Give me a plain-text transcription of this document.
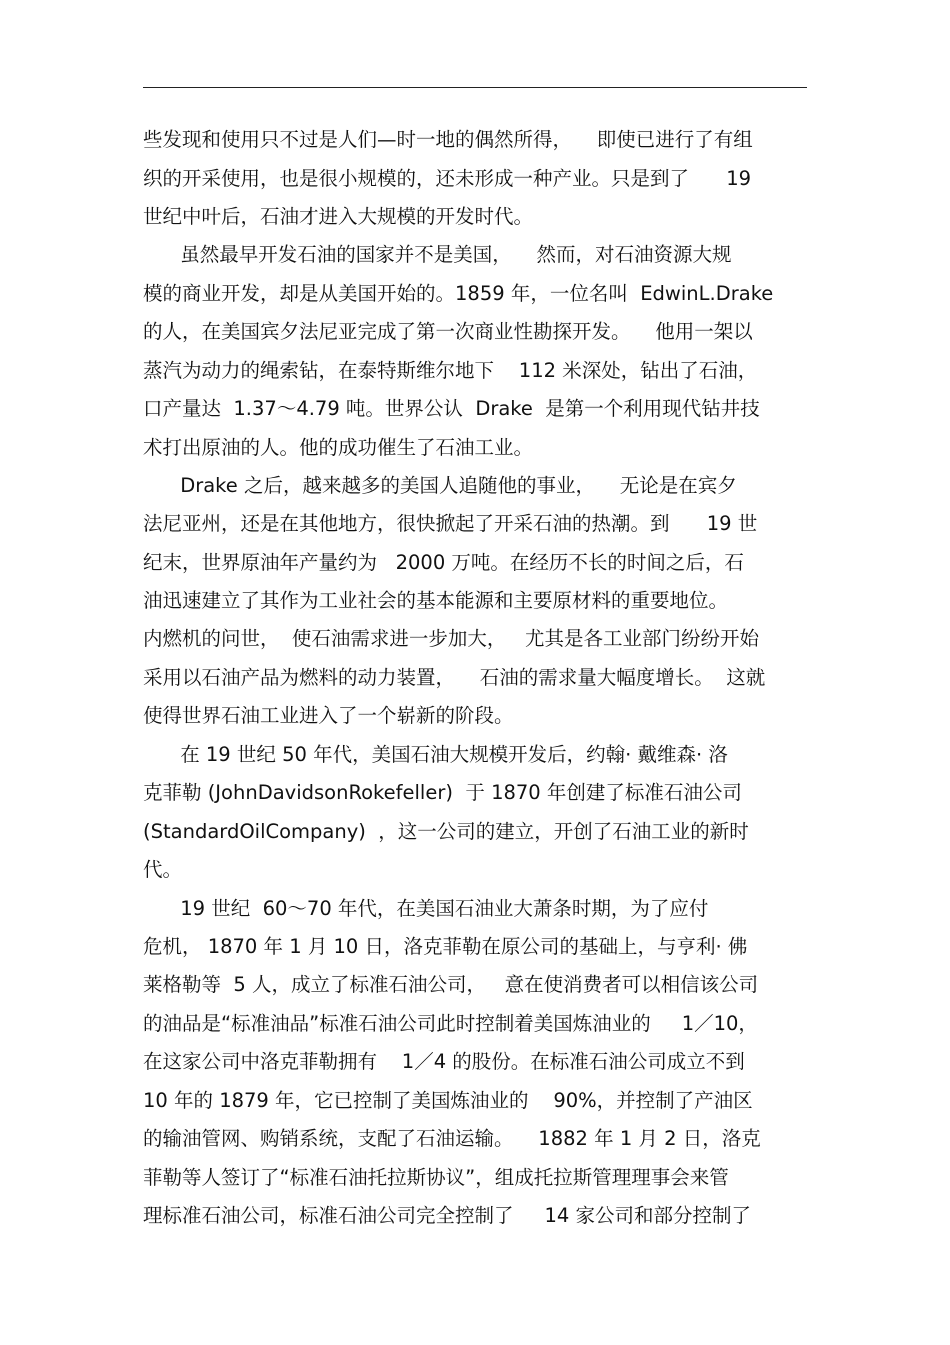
些发现和使用只不过是人们—时一地的偶然所得，    即使已进行了有组
织的开采使用，也是很小规模的，还未形成一种产业。只是到了      19
世纪中叶后，石油才进入大规模的开发时代。
虽然最早开发石油的国家并不是美国，    然而，对石油资源大规
模的商业开发，却是从美国开始的。1859 年，一位名叫  EdwinL.Drake
的人，在美国宾夕法尼亚完成了第一次商业性勘探开发。    他用一架以
蒸汽为动力的绳索钻，在泰特斯维尔地下    112 米深处，钻出了石油，
口产量达  1.37～4.79 吨。世界公认  Drake  是第一个利用现代钻井技
术打出原油的人。他的成功催生了石油工业。
Drake 之后，越来越多的美国人追随他的事业，    无论是在宾夕
法尼亚州，还是在其他地方，很快掀起了开采石油的热潮。到      19 世
纪末，世界原油年产量约为   2000 万吨。在经历不长的时间之后，石
油迅速建立了其作为工业社会的基本能源和主要原材料的重要地位。
内燃机的问世，  使石油需求进一步加大，   尤其是各工业部门纷纷开始
采用以石油产品为燃料的动力装置，    石油的需求量大幅度增长。  这就
使得世界石油工业进入了一个崭新的阶段。
在 19 世纪 50 年代，美国石油大规模开发后，约翰· 戴维森· 洛
克菲勒 (JohnDavidsonRokefeller)  于 1870 年创建了标准石油公司
(StandardOilCompany)  ，这一公司的建立，开创了石油工业的新时
代。
19 世纪  60～70 年代，在美国石油业大萧条时期，为了应付
危机， 1870 年 1 月 10 日，洛克菲勒在原公司的基础上，与亨利· 佛
莱格勒等  5 人，成立了标准石油公司，   意在使消费者可以相信该公司
的油品是“标准油品”标准石油公司此时控制着美国炼油业的     1／10，
在这家公司中洛克菲勒拥有    1／4 的股份。在标准石油公司成立不到
10 年的 1879 年，它已控制了美国炼油业的    90%，并控制了产油区
的输油管网、购销系统，支配了石油运输。    1882 年 1 月 2 日，洛克
菲勒等人签订了“标准石油托拉斯协议”，组成托拉斯管理理事会来管
理标准石油公司，标准石油公司完全控制了     14 家公司和部分控制了
